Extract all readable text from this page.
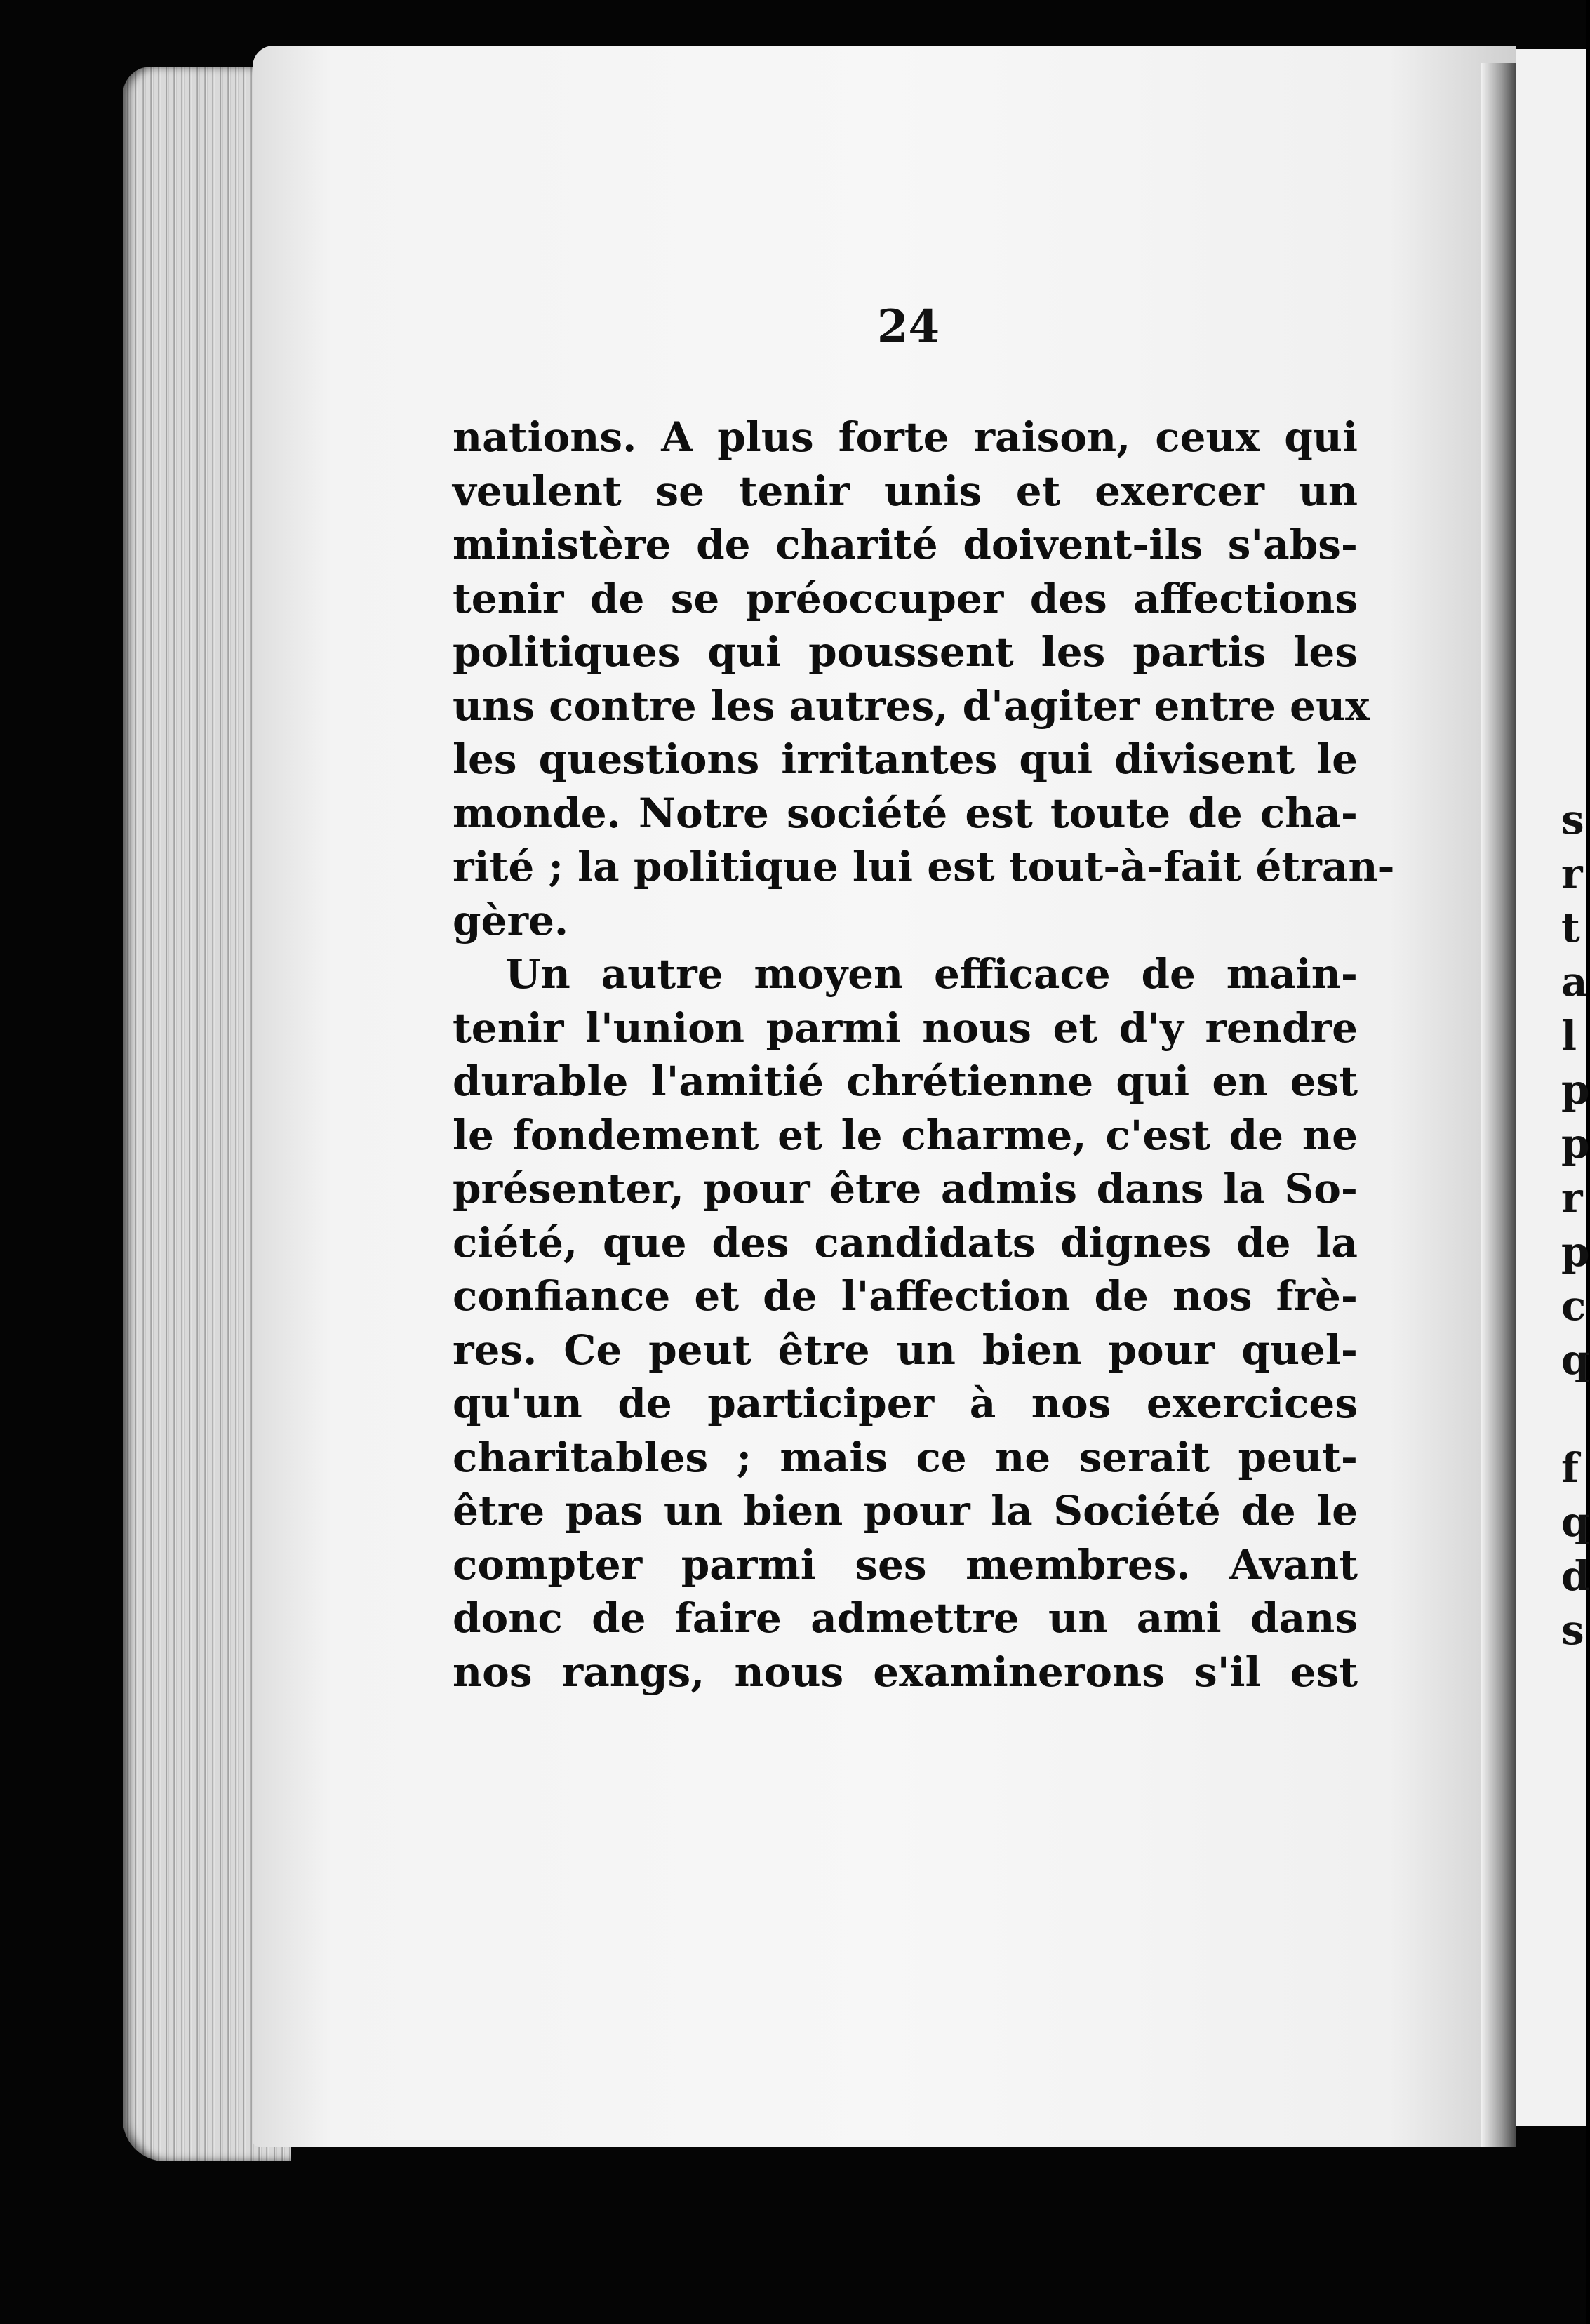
s
r
t
a
l
p
p
r
p
c
q

f
q
d
s
24
nations. A plus forte raison, ceux qui
veulent se tenir unis et exercer un
ministère de charité doivent-ils s'abs-
tenir de se préoccuper des affections
politiques qui poussent les partis les
uns contre les autres, d'agiter entre eux
les questions irritantes qui divisent le
monde. Notre société est toute de cha-
rité ; la politique lui est tout-à-fait étran-
gère.
Un autre moyen efficace de main-
tenir l'union parmi nous et d'y rendre
durable l'amitié chrétienne qui en est
le fondement et le charme, c'est de ne
présenter, pour être admis dans la So-
ciété, que des candidats dignes de la
confiance et de l'affection de nos frè-
res. Ce peut être un bien pour quel-
qu'un de participer à nos exercices
charitables ; mais ce ne serait peut-
être pas un bien pour la Société de le
compter parmi ses membres. Avant
donc de faire admettre un ami dans
nos rangs, nous examinerons s'il est
